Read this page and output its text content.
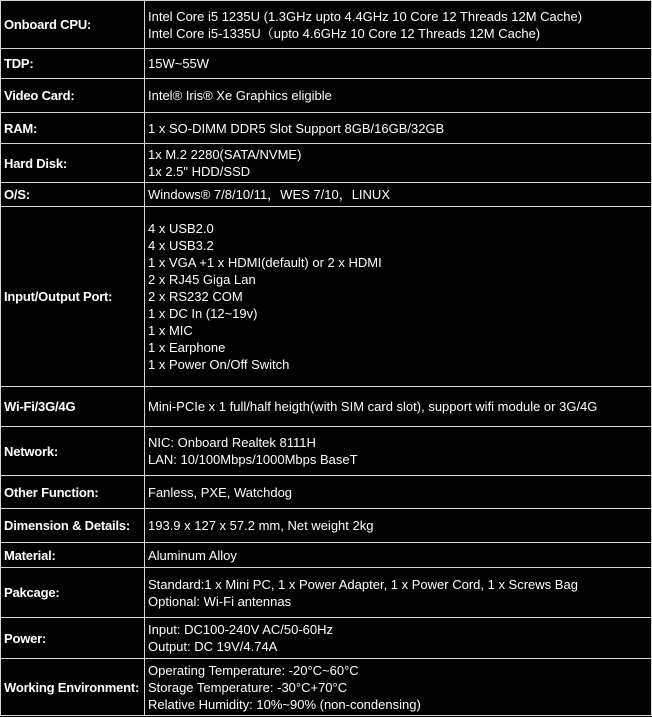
Onboard CPU:	Intel Core i5 1235U (1.3GHz upto 4.4GHz 10 Core 12 Threads 12M Cache)
Intel Core i5-1335U（upto 4.6GHz 10 Core 12 Threads 12M Cache)

TDP:	15W~55W

Video Card:	Intel® Iris® Xe Graphics eligible

RAM:	1 x SO-DIMM DDR5 Slot Support 8GB/16GB/32GB

Hard Disk:	1x M.2 2280(SATA/NVME)
1x 2.5" HDD/SSD

O/S:	Windows® 7/8/10/11，WES 7/10，LINUX

Input/Output Port:	
4 x USB2.0
4 x USB3.2
1 x VGA +1 x HDMI(default) or 2 x HDMI
2 x RJ45 Giga Lan
2 x RS232 COM
1 x DC In (12~19v)
1 x MIC
1 x Earphone
1 x Power On/Off Switch

Wi-Fi/3G/4G	Mini-PCIe x 1 full/half heigth(with SIM card slot), support wifi module or 3G/4G

Network:	NIC: Onboard Realtek 8111H
LAN: 10/100Mbps/1000Mbps BaseT

Other Function:	Fanless, PXE, Watchdog

Dimension & Details:	193.9 x 127 x 57.2 mm, Net weight 2kg

Material:	Aluminum Alloy

Pakcage:	Standard:1 x Mini PC, 1 x Power Adapter, 1 x Power Cord, 1 x Screws Bag
Optional: Wi-Fi antennas

Power:	Input: DC100-240V AC/50-60Hz
Output: DC 19V/4.74A

Working Environment:	Operating Temperature: -20°C~60°C
Storage Temperature: -30°C+70°C
Relative Humidity: 10%~90% (non-condensing)
